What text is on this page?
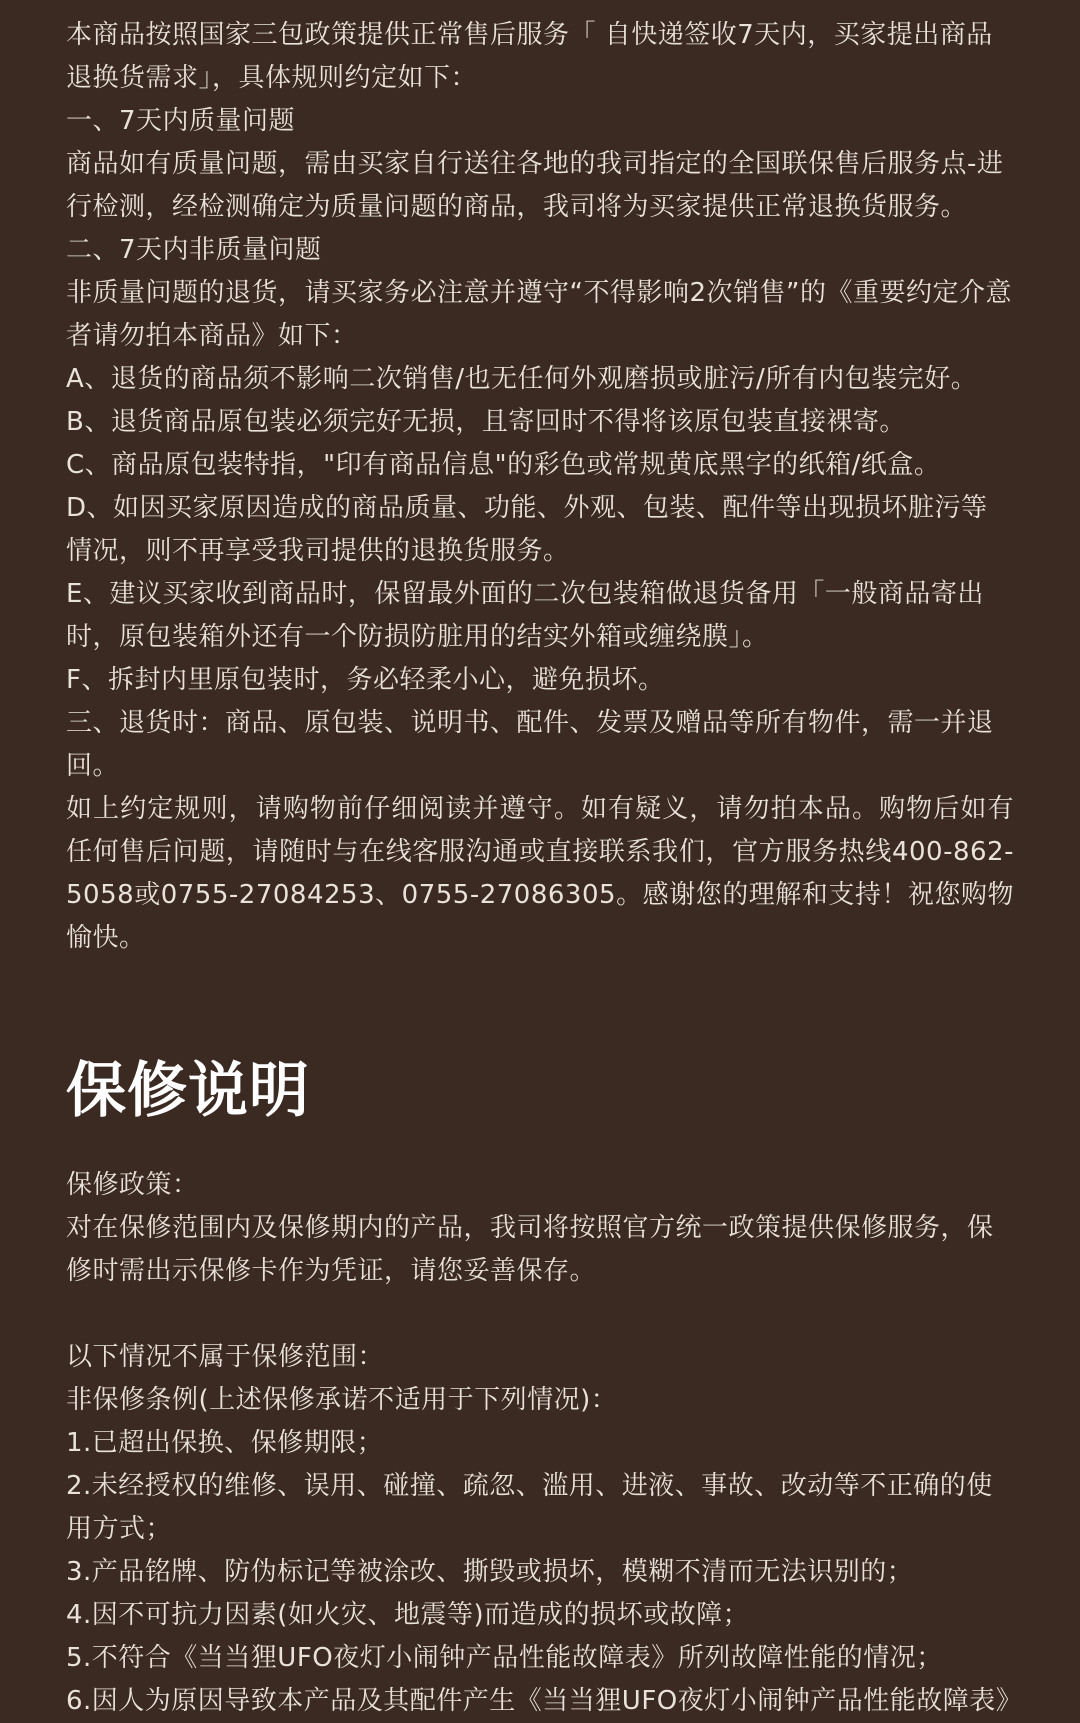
本商品按照国家三包政策提供正常售后服务「 自快递签收7天内，买家提出商品退换货需求」，具体规则约定如下：

一、7天内质量问题

商品如有质量问题，需由买家自行送往各地的我司指定的全国联保售后服务点-进行检测，经检测确定为质量问题的商品，我司将为买家提供正常退换货服务。

二、7天内非质量问题

非质量问题的退货，请买家务必注意并遵守“不得影响2次销售”的《重要约定介意者请勿拍本商品》如下：

A、退货的商品须不影响二次销售/也无任何外观磨损或脏污/所有内包装完好。

B、退货商品原包装必须完好无损，且寄回时不得将该原包装直接裸寄。

C、商品原包装特指，"印有商品信息"的彩色或常规黄底黑字的纸箱/纸盒。

D、如因买家原因造成的商品质量、功能、外观、包装、配件等出现损坏脏污等情况，则不再享受我司提供的退换货服务。

E、建议买家收到商品时，保留最外面的二次包装箱做退货备用「一般商品寄出时，原包装箱外还有一个防损防脏用的结实外箱或缠绕膜」。

F、拆封内里原包装时，务必轻柔小心，避免损坏。

三、退货时：商品、原包装、说明书、配件、发票及赠品等所有物件，需一并退回。

如上约定规则，请购物前仔细阅读并遵守。如有疑义，请勿拍本品。购物后如有任何售后问题，请随时与在线客服沟通或直接联系我们，官方服务热线400-862-5058或0755-27084253、0755-27086305。感谢您的理解和支持！祝您购物愉快。

保修说明

保修政策：

对在保修范围内及保修期内的产品，我司将按照官方统一政策提供保修服务，保修时需出示保修卡作为凭证，请您妥善保存。

以下情况不属于保修范围：

非保修条例(上述保修承诺不适用于下列情况)：

1.已超出保换、保修期限；

2.未经授权的维修、误用、碰撞、疏忽、滥用、进液、事故、改动等不正确的使用方式；

3.产品铭牌、防伪标记等被涂改、撕毁或损坏，模糊不清而无法识别的；

4.因不可抗力因素(如火灾、地震等)而造成的损坏或故障；

5.不符合《当当狸UFO夜灯小闹钟产品性能故障表》所列故障性能的情况；

6.因人为原因导致本产品及其配件产生《当当狸UFO夜灯小闹钟产品性能故障表》
